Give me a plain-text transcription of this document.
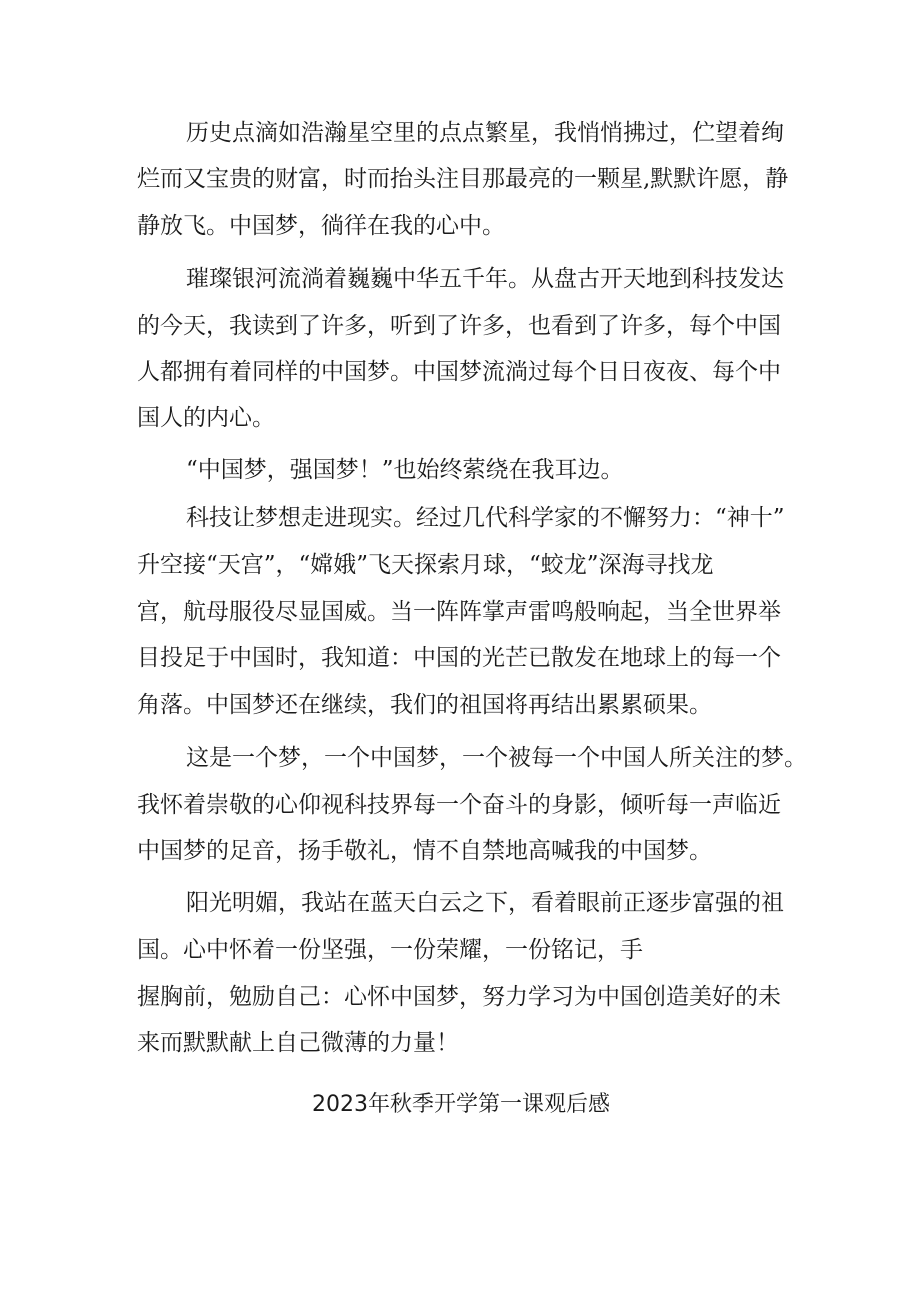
历史点滴如浩瀚星空里的点点繁星，我悄悄拂过，伫望着绚

烂而又宝贵的财富，时而抬头注目那最亮的一颗星,默默许愿，静

静放飞。中国梦，徜徉在我的心中。

璀璨银河流淌着巍巍中华五千年。从盘古开天地到科技发达

的今天，我读到了许多，听到了许多，也看到了许多，每个中国

人都拥有着同样的中国梦。中国梦流淌过每个日日夜夜、每个中

国人的内心。

“中国梦，强国梦！”也始终萦绕在我耳边。

科技让梦想走进现实。经过几代科学家的不懈努力：“神十”

升空接“天宫”，“嫦娥”飞天探索月球，“蛟龙”深海寻找龙

宫，航母服役尽显国威。当一阵阵掌声雷鸣般响起，当全世界举

目投足于中国时，我知道：中国的光芒已散发在地球上的每一个

角落。中国梦还在继续，我们的祖国将再结出累累硕果。

这是一个梦，一个中国梦，一个被每一个中国人所关注的梦。

我怀着崇敬的心仰视科技界每一个奋斗的身影，倾听每一声临近

中国梦的足音，扬手敬礼，情不自禁地高喊我的中国梦。

阳光明媚，我站在蓝天白云之下，看着眼前正逐步富强的祖

国。心中怀着一份坚强，一份荣耀，一份铭记，手

握胸前，勉励自己：心怀中国梦，努力学习为中国创造美好的未

来而默默献上自己微薄的力量！

2023年秋季开学第一课观后感
